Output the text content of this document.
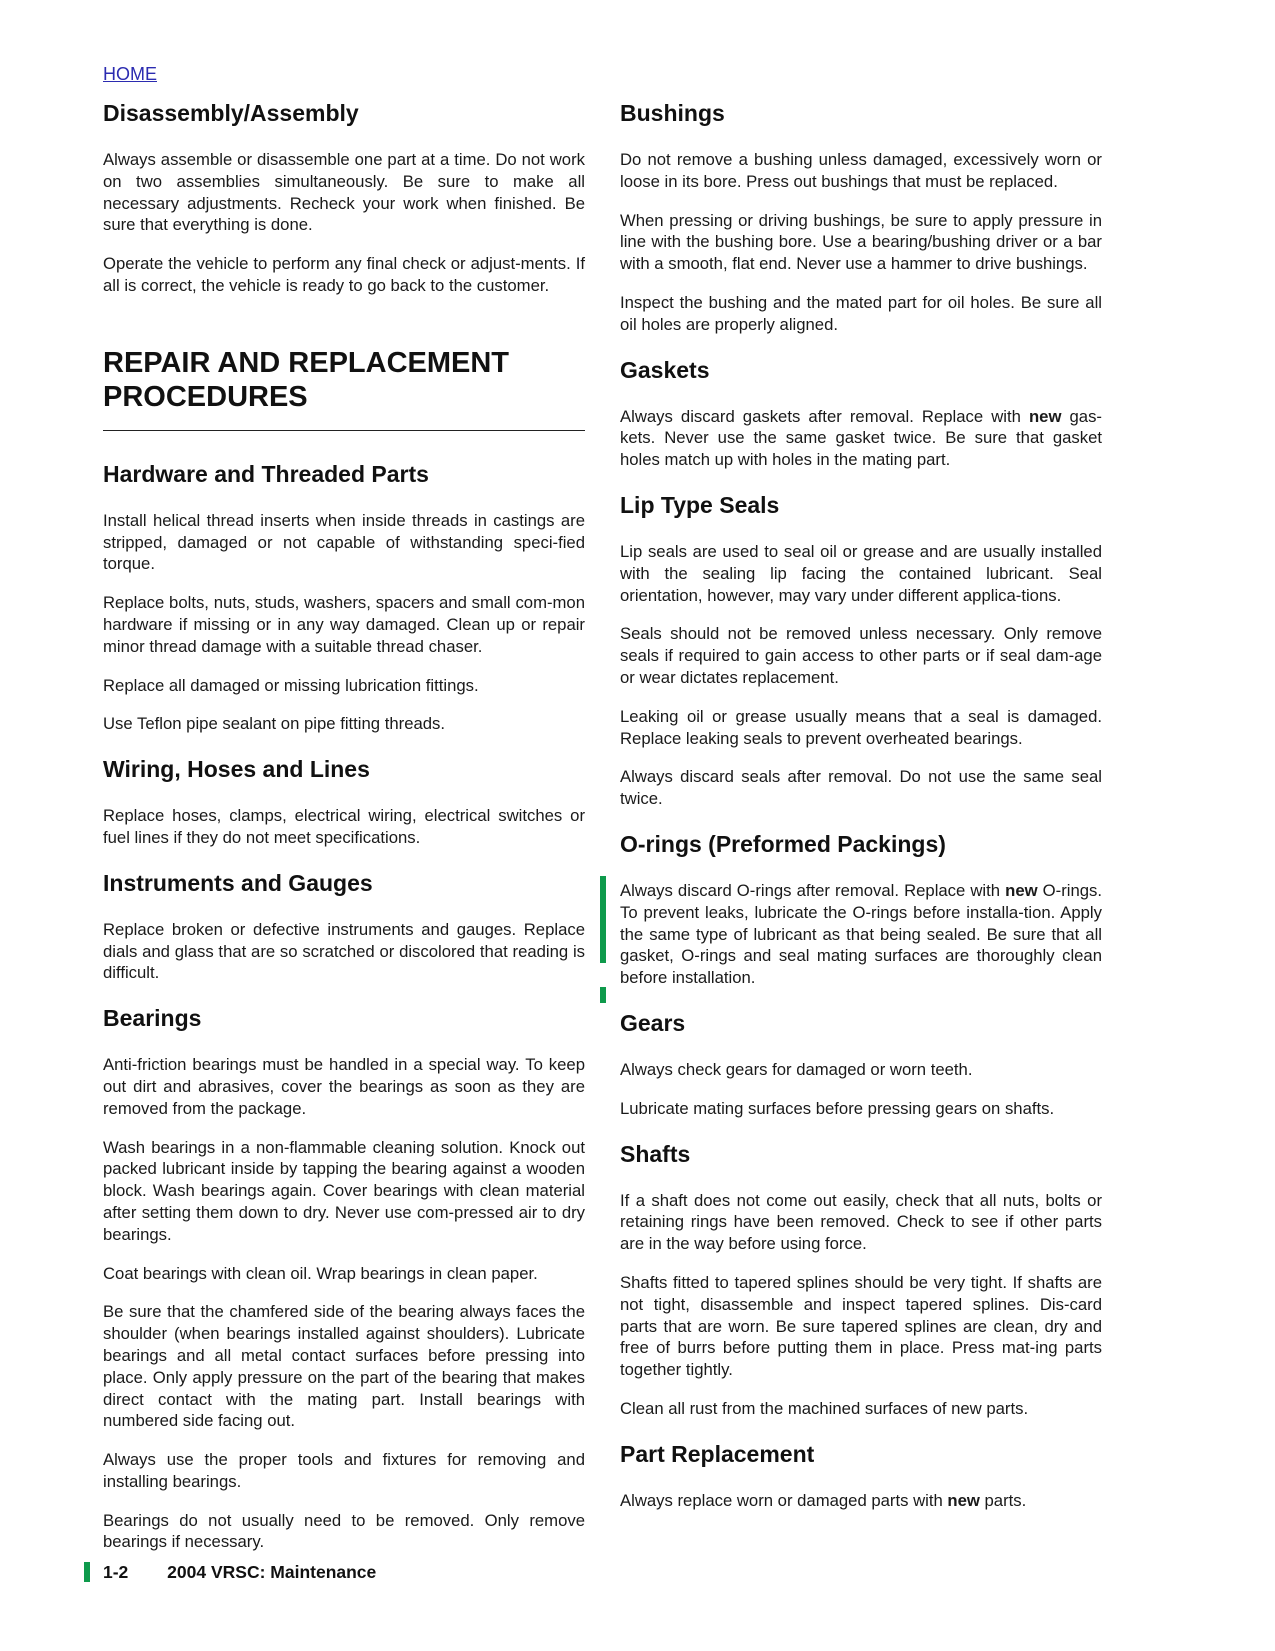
HOME
Disassembly/Assembly

Always assemble or disassemble one part at a time. Do not work on two assemblies simultaneously. Be sure to make all necessary adjustments. Recheck your work when finished. Be sure that everything is done.

Operate the vehicle to perform any final check or adjust-ments. If all is correct, the vehicle is ready to go back to the customer.

REPAIR AND REPLACEMENT
PROCEDURES
Hardware and Threaded Parts

Install helical thread inserts when inside threads in castings are stripped, damaged or not capable of withstanding speci-fied torque.

Replace bolts, nuts, studs, washers, spacers and small com-mon hardware if missing or in any way damaged. Clean up or repair minor thread damage with a suitable thread chaser.

Replace all damaged or missing lubrication fittings.

Use Teflon pipe sealant on pipe fitting threads.

Wiring, Hoses and Lines

Replace hoses, clamps, electrical wiring, electrical switches or fuel lines if they do not meet specifications.

Instruments and Gauges

Replace broken or defective instruments and gauges. Replace dials and glass that are so scratched or discolored that reading is difficult.

Bearings

Anti-friction bearings must be handled in a special way. To keep out dirt and abrasives, cover the bearings as soon as they are removed from the package.

Wash bearings in a non-flammable cleaning solution. Knock out packed lubricant inside by tapping the bearing against a wooden block. Wash bearings again. Cover bearings with clean material after setting them down to dry. Never use com-pressed air to dry bearings.

Coat bearings with clean oil. Wrap bearings in clean paper.

Be sure that the chamfered side of the bearing always faces the shoulder (when bearings installed against shoulders). Lubricate bearings and all metal contact surfaces before pressing into place. Only apply pressure on the part of the bearing that makes direct contact with the mating part. Install bearings with numbered side facing out.

Always use the proper tools and fixtures for removing and installing bearings.

Bearings do not usually need to be removed. Only remove bearings if necessary.

Bushings

Do not remove a bushing unless damaged, excessively worn or loose in its bore. Press out bushings that must be replaced.

When pressing or driving bushings, be sure to apply pressure in line with the bushing bore. Use a bearing/bushing driver or a bar with a smooth, flat end. Never use a hammer to drive bushings.

Inspect the bushing and the mated part for oil holes. Be sure all oil holes are properly aligned.

Gaskets

Always discard gaskets after removal. Replace with new gas-kets. Never use the same gasket twice. Be sure that gasket holes match up with holes in the mating part.

Lip Type Seals

Lip seals are used to seal oil or grease and are usually installed with the sealing lip facing the contained lubricant. Seal orientation, however, may vary under different applica-tions.

Seals should not be removed unless necessary. Only remove seals if required to gain access to other parts or if seal dam-age or wear dictates replacement.

Leaking oil or grease usually means that a seal is damaged. Replace leaking seals to prevent overheated bearings.

Always discard seals after removal. Do not use the same seal twice.

O-rings (Preformed Packings)

Always discard O-rings after removal. Replace with new O-rings. To prevent leaks, lubricate the O-rings before installa-tion. Apply the same type of lubricant as that being sealed. Be sure that all gasket, O-rings and seal mating surfaces are thoroughly clean before installation.

Gears

Always check gears for damaged or worn teeth.

Lubricate mating surfaces before pressing gears on shafts.

Shafts

If a shaft does not come out easily, check that all nuts, bolts or retaining rings have been removed. Check to see if other parts are in the way before using force.

Shafts fitted to tapered splines should be very tight. If shafts are not tight, disassemble and inspect tapered splines. Dis-card parts that are worn. Be sure tapered splines are clean, dry and free of burrs before putting them in place. Press mat-ing parts together tightly.

Clean all rust from the machined surfaces of new parts.

Part Replacement

Always replace worn or damaged parts with new parts.

1-2 2004 VRSC: Maintenance
